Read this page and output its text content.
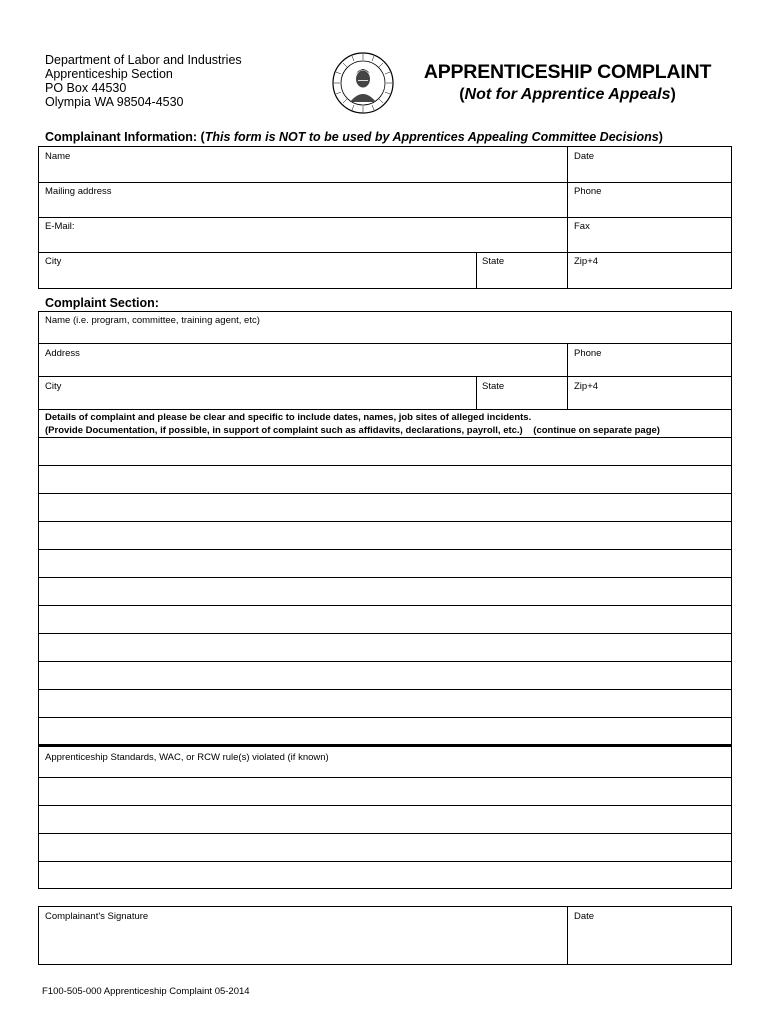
Department of Labor and Industries
Apprenticeship Section
PO Box 44530
Olympia WA 98504-4530
APPRENTICESHIP COMPLAINT
(Not for Apprentice Appeals)
Complainant Information: (This form is NOT to be used by Apprentices Appealing Committee Decisions)
Name	Date
Mailing address	Phone
E-Mail:	Fax
City	State	Zip+4
Complaint Section:
Name (i.e. program, committee, training agent, etc)
Address	Phone
City	State	Zip+4
Details of complaint and please be clear and specific to include dates, names, job sites of alleged incidents.
(Provide Documentation, if possible, in support of complaint such as affidavits, declarations, payroll, etc.)    (continue on separate page)
Apprenticeship Standards, WAC, or RCW rule(s) violated (if known)
Complainant's Signature	Date
F100-505-000 Apprenticeship Complaint 05-2014
